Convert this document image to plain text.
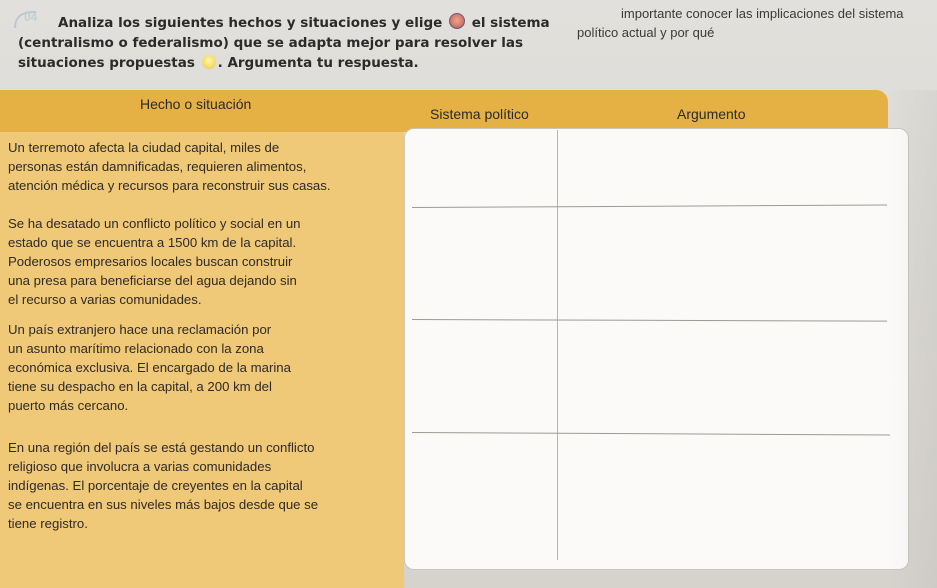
Analiza los siguientes hechos y situaciones y elige el sistema
(centralismo o federalismo) que se adapta mejor para resolver las
situaciones propuestas . Argumenta tu respuesta.
04	importante conocer las implicaciones del sistema
político actual y por qué
Hecho o situación
Sistema político	Argumento
Un terremoto afecta la ciudad capital, miles de
personas están damnificadas, requieren alimentos,
atención médica y recursos para reconstruir sus casas.
Se ha desatado un conflicto político y social en un
estado que se encuentra a 1500 km de la capital.
Poderosos empresarios locales buscan construir
una presa para beneficiarse del agua dejando sin
el recurso a varias comunidades.
Un país extranjero hace una reclamación por
un asunto marítimo relacionado con la zona
económica exclusiva. El encargado de la marina
tiene su despacho en la capital, a 200 km del
puerto más cercano.
En una región del país se está gestando un conflicto
religioso que involucra a varias comunidades
indígenas. El porcentaje de creyentes en la capital
se encuentra en sus niveles más bajos desde que se
tiene registro.
